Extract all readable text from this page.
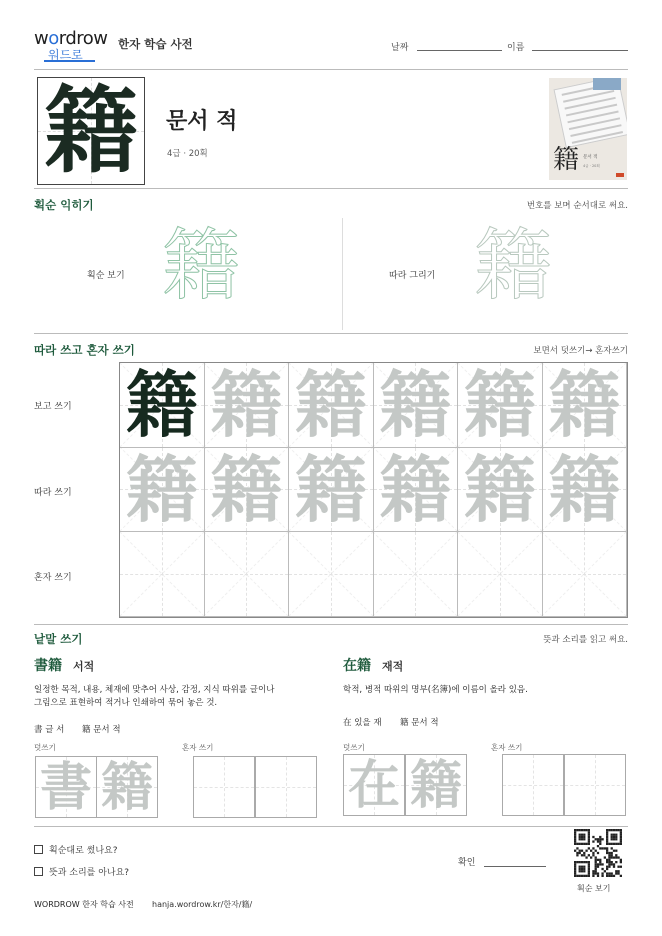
wordrow
워드로
한자 학습 사전	날짜	이름
籍 문서 적
4급 · 20획	籍 문서 적
4급 · 20획
획순 익히기	번호를 보며 순서대로 써요.
획순 보기 籍	따라 그리기 籍
따라 쓰고 혼자 쓰기	보면서 덧쓰기→ 혼자쓰기
보고 쓰기
따라 쓰기
혼자 쓰기
籍 籍 籍 籍 籍 籍
籍 籍 籍 籍 籍 籍
낱말 쓰기	뜻과 소리를 읽고 써요.
書籍 서적
일정한 목적, 내용, 체재에 맞추어 사상, 감정, 지식 따위를 글이나
그림으로 표현하여 적거나 인쇄하여 묶어 놓은 것.
書 글 서 籍 문서 적
덧쓰기	혼자 쓰기
書 籍
在籍 재적
학적, 병적 따위의 명부(名簿)에 이름이 올라 있음.
在 있을 재 籍 문서 적
덧쓰기	혼자 쓰기
在 籍
획순대로 썼나요?
뜻과 소리를 아나요?
확인
획순 보기
WORDROW 한자 학습 사전 hanja.wordrow.kr/한자/籍/
